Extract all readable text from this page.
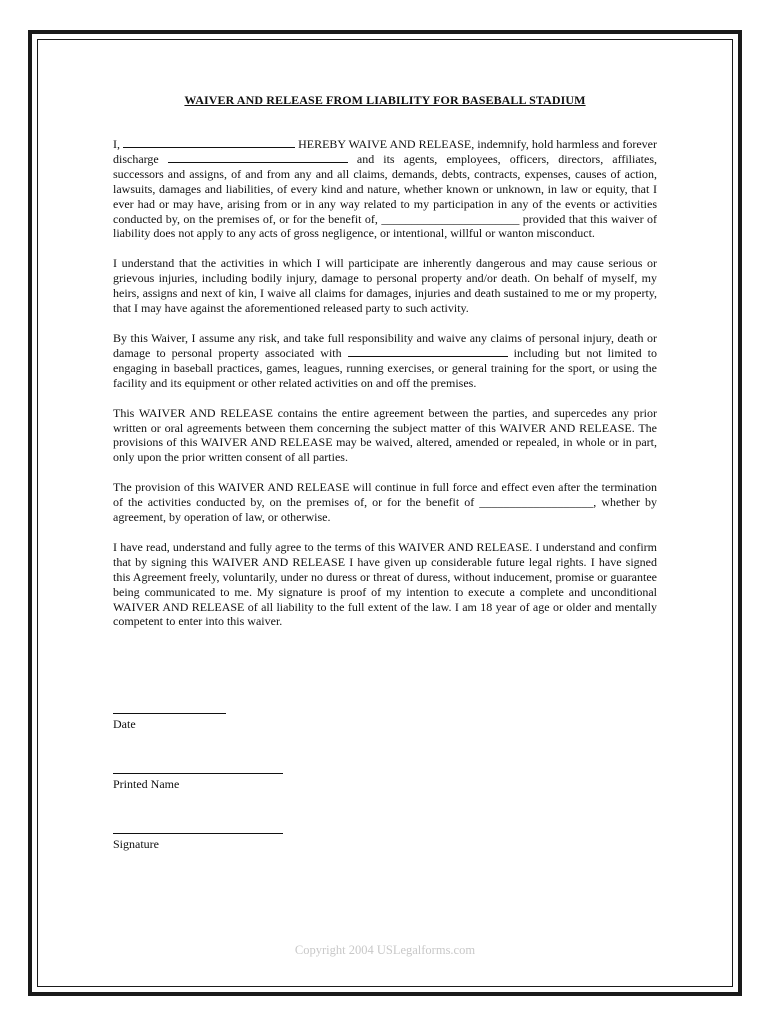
WAIVER AND RELEASE FROM LIABILITY FOR BASEBALL STADIUM

I,	HEREBY WAIVE AND RELEASE, indemnify, hold harmless and forever discharge	and its agents, employees, officers, directors, affiliates, successors and assigns, of and from any and all claims, demands, debts, contracts, expenses, causes of action, lawsuits, damages and liabilities, of every kind and nature, whether known or unknown, in law or equity, that I ever had or may have, arising from or in any way related to my participation in any of the events or activities conducted by, on the premises of, or for the benefit of, _______________________ provided that this waiver of liability does not apply to any acts of gross negligence, or intentional, willful or wanton misconduct.

I understand that the activities in which I will participate are inherently dangerous and may cause serious or grievous injuries, including bodily injury, damage to personal property and/or death. On behalf of myself, my heirs, assigns and next of kin, I waive all claims for damages, injuries and death sustained to me or my property, that I may have against the aforementioned released party to such activity.

By this Waiver, I assume any risk, and take full responsibility and waive any claims of personal injury, death or damage to personal property associated with	including but not limited to engaging in baseball practices, games, leagues, running exercises, or general training for the sport, or using the facility and its equipment or other related activities on and off the premises.

This WAIVER AND RELEASE contains the entire agreement between the parties, and supercedes any prior written or oral agreements between them concerning the subject matter of this WAIVER AND RELEASE. The provisions of this WAIVER AND RELEASE may be waived, altered, amended or repealed, in whole or in part, only upon the prior written consent of all parties.

The provision of this WAIVER AND RELEASE will continue in full force and effect even after the termination of the activities conducted by, on the premises of, or for the benefit of ___________________, whether by agreement, by operation of law, or otherwise.

I have read, understand and fully agree to the terms of this WAIVER AND RELEASE. I understand and confirm that by signing this WAIVER AND RELEASE I have given up considerable future legal rights. I have signed this Agreement freely, voluntarily, under no duress or threat of duress, without inducement, promise or guarantee being communicated to me. My signature is proof of my intention to execute a complete and unconditional WAIVER AND RELEASE of all liability to the full extent of the law. I am 18 year of age or older and mentally competent to enter into this waiver.

Date
Printed Name
Signature
Copyright 2004 USLegalforms.com
